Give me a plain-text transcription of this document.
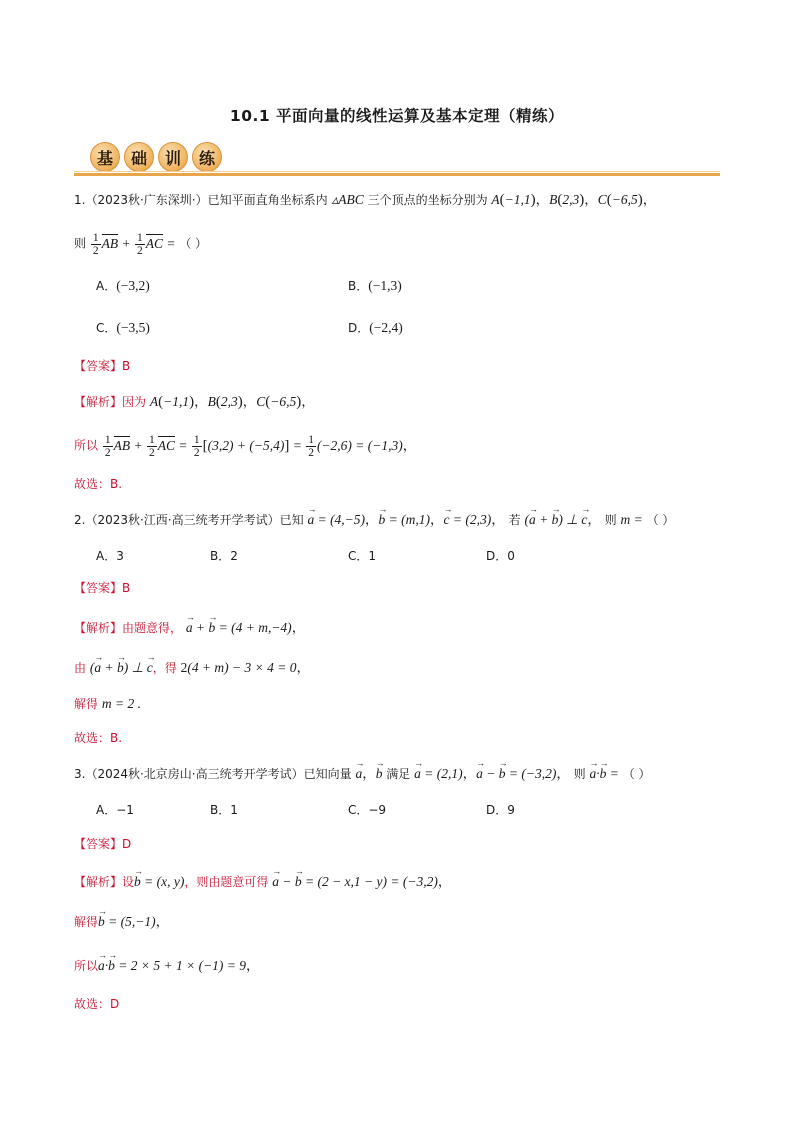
10.1 平面向量的线性运算及基本定理（精练）
基	础	训	练
1.（2023秋·广东深圳·）已知平面直角坐标系内 ▵ABC 三个顶点的坐标分别为 A(−1,1)，B(2,3)，C(−6,5)，
则 $\frac{1}{2}$ AB + $\frac{1}{2}$ AC = （ ）
A．(−3,2)	B．(−1,3)
C．(−3,5)	D．(−2,4)
【答案】B
【解析】因为 A(−1,1)，B(2,3)，C(−6,5)，
所以 $\frac{1}{2}$ AB + $\frac{1}{2}$ AC = $\frac{1}{2} [(3,2) + (-5,4)] = \frac{1}{2} (-2,6) = (-1,3)$，
故选：B.
2.（2023秋·江西·高三统考开学考试）已知 → a = (4,−5)，→ b = (m,1)，→ c = (2,3)， 若 (→ a + → b) ⊥ → c， 则 m = （ ）
A．3	B．2	C．1	D．0
【答案】B
【解析】由题意得， → a + → b = (4 + m,−4)，
由 (→ a + → b) ⊥ → c，得 2(4 + m) − 3 × 4 = 0，
解得 m = 2 .
故选：B.
3.（2024秋·北京房山·高三统考开学考试）已知向量 → a，→ b 满足 → a = (2,1)，→ a − → b = (−3,2)， 则 → a·→ b = （ ）
A．−1	B．1	C．−9	D．9
【答案】D
【解析】设→ b = (x, y)，则由题意可得 → a − → b = (2 − x,1 − y) = (−3,2)，
解得→ b = (5,−1)，
所以→ a·→ b = 2 × 5 + 1 × (−1) = 9，
故选：D
